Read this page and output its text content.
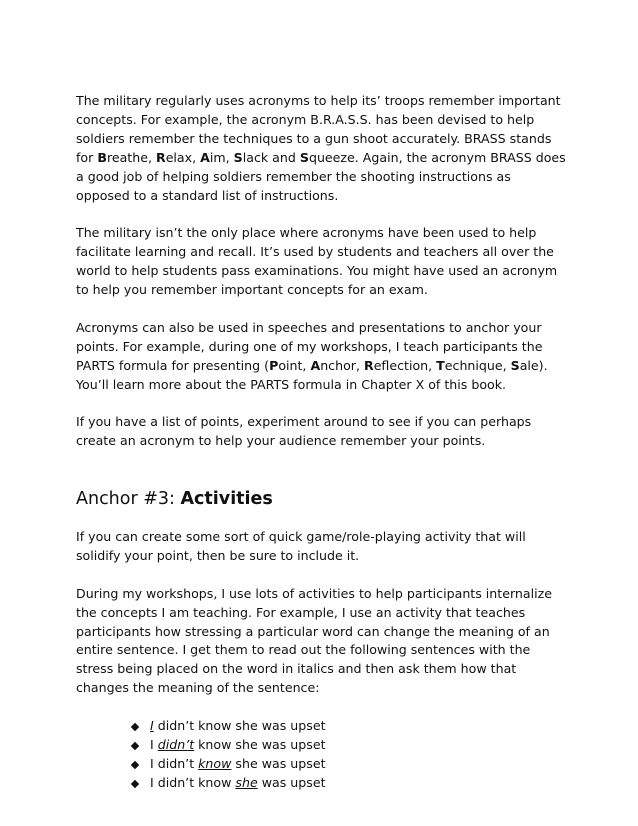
The military regularly uses acronyms to help its’ troops remember important concepts. For example, the acronym B.R.A.S.S. has been devised to help soldiers remember the techniques to a gun shoot accurately. BRASS stands for Breathe, Relax, Aim, Slack and Squeeze. Again, the acronym BRASS does a good job of helping soldiers remember the shooting instructions as opposed to a standard list of instructions.

The military isn’t the only place where acronyms have been used to help facilitate learning and recall. It’s used by students and teachers all over the world to help students pass examinations. You might have used an acronym to help you remember important concepts for an exam.

Acronyms can also be used in speeches and presentations to anchor your points. For example, during one of my workshops, I teach participants the PARTS formula for presenting (Point, Anchor, Reflection, Technique, Sale). You’ll learn more about the PARTS formula in Chapter X of this book.

If you have a list of points, experiment around to see if you can perhaps create an acronym to help your audience remember your points.

Anchor #3: Activities

If you can create some sort of quick game/role-playing activity that will solidify your point, then be sure to include it.

During my workshops, I use lots of activities to help participants internalize the concepts I am teaching. For example, I use an activity that teaches participants how stressing a particular word can change the meaning of an entire sentence. I get them to read out the following sentences with the stress being placed on the word in italics and then ask them how that changes the meaning of the sentence:

I didn’t know she was upset
I didn’t know she was upset
I didn’t know she was upset
I didn’t know she was upset
